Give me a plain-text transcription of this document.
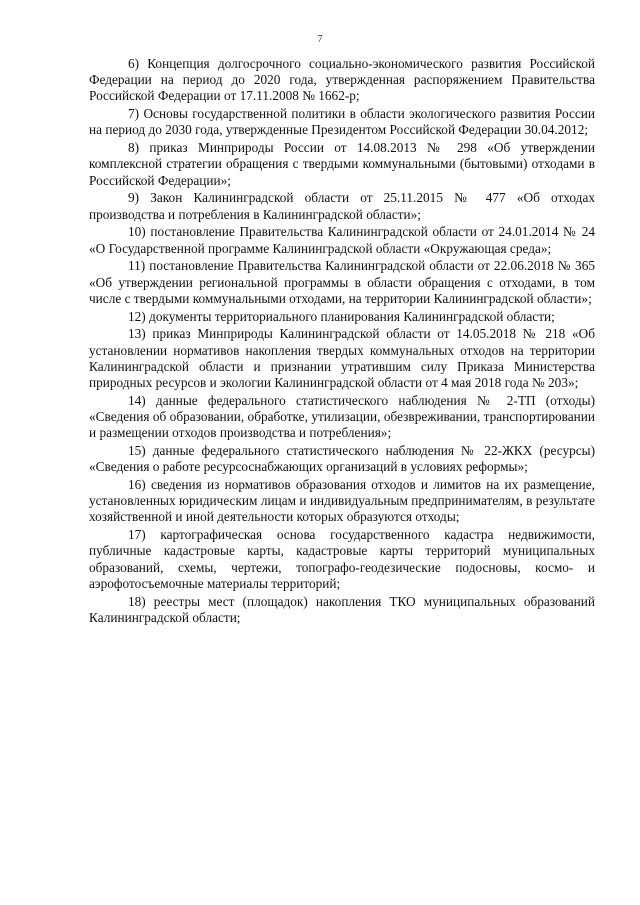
7

6) Концепция долгосрочного социально-экономического развития Российской Федерации на период до 2020 года, утвержденная распоряжением Правительства Российской Федерации от 17.11.2008 № 1662-р;

7) Основы государственной политики в области экологического развития России на период до 2030 года, утвержденные Президентом Российской Федерации 30.04.2012;

8) приказ Минприроды России от 14.08.2013 № 298 «Об утверждении комплексной стратегии обращения с твердыми коммунальными (бытовыми) отходами в Российской Федерации»;

9) Закон Калининградской области от 25.11.2015 № 477 «Об отходах производства и потребления в Калининградской области»;

10) постановление Правительства Калининградской области от 24.01.2014 № 24 «О Государственной программе Калининградской области «Окружающая среда»;

11) постановление Правительства Калининградской области от 22.06.2018 № 365 «Об утверждении региональной программы в области обращения с отходами, в том числе с твердыми коммунальными отходами, на территории Калининградской области»;

12) документы территориального планирования Калининградской области;

13) приказ Минприроды Калининградской области от 14.05.2018 № 218 «Об установлении нормативов накопления твердых коммунальных отходов на территории Калининградской области и признании утратившим силу Приказа Министерства природных ресурсов и экологии Калининградской области от 4 мая 2018 года № 203»;

14) данные федерального статистического наблюдения № 2-ТП (отходы) «Сведения об образовании, обработке, утилизации, обезвреживании, транспортировании и размещении отходов производства и потребления»;

15) данные федерального статистического наблюдения № 22-ЖКХ (ресурсы) «Сведения о работе ресурсоснабжающих организаций в условиях реформы»;

16) сведения из нормативов образования отходов и лимитов на их размещение, установленных юридическим лицам и индивидуальным предпринимателям, в результате хозяйственной и иной деятельности которых образуются отходы;

17) картографическая основа государственного кадастра недвижимости, публичные кадастровые карты, кадастровые карты территорий муниципальных образований, схемы, чертежи, топографо-геодезические подосновы, космо- и аэрофотосъемочные материалы территорий;

18) реестры мест (площадок) накопления ТКО муниципальных образований Калининградской области;
